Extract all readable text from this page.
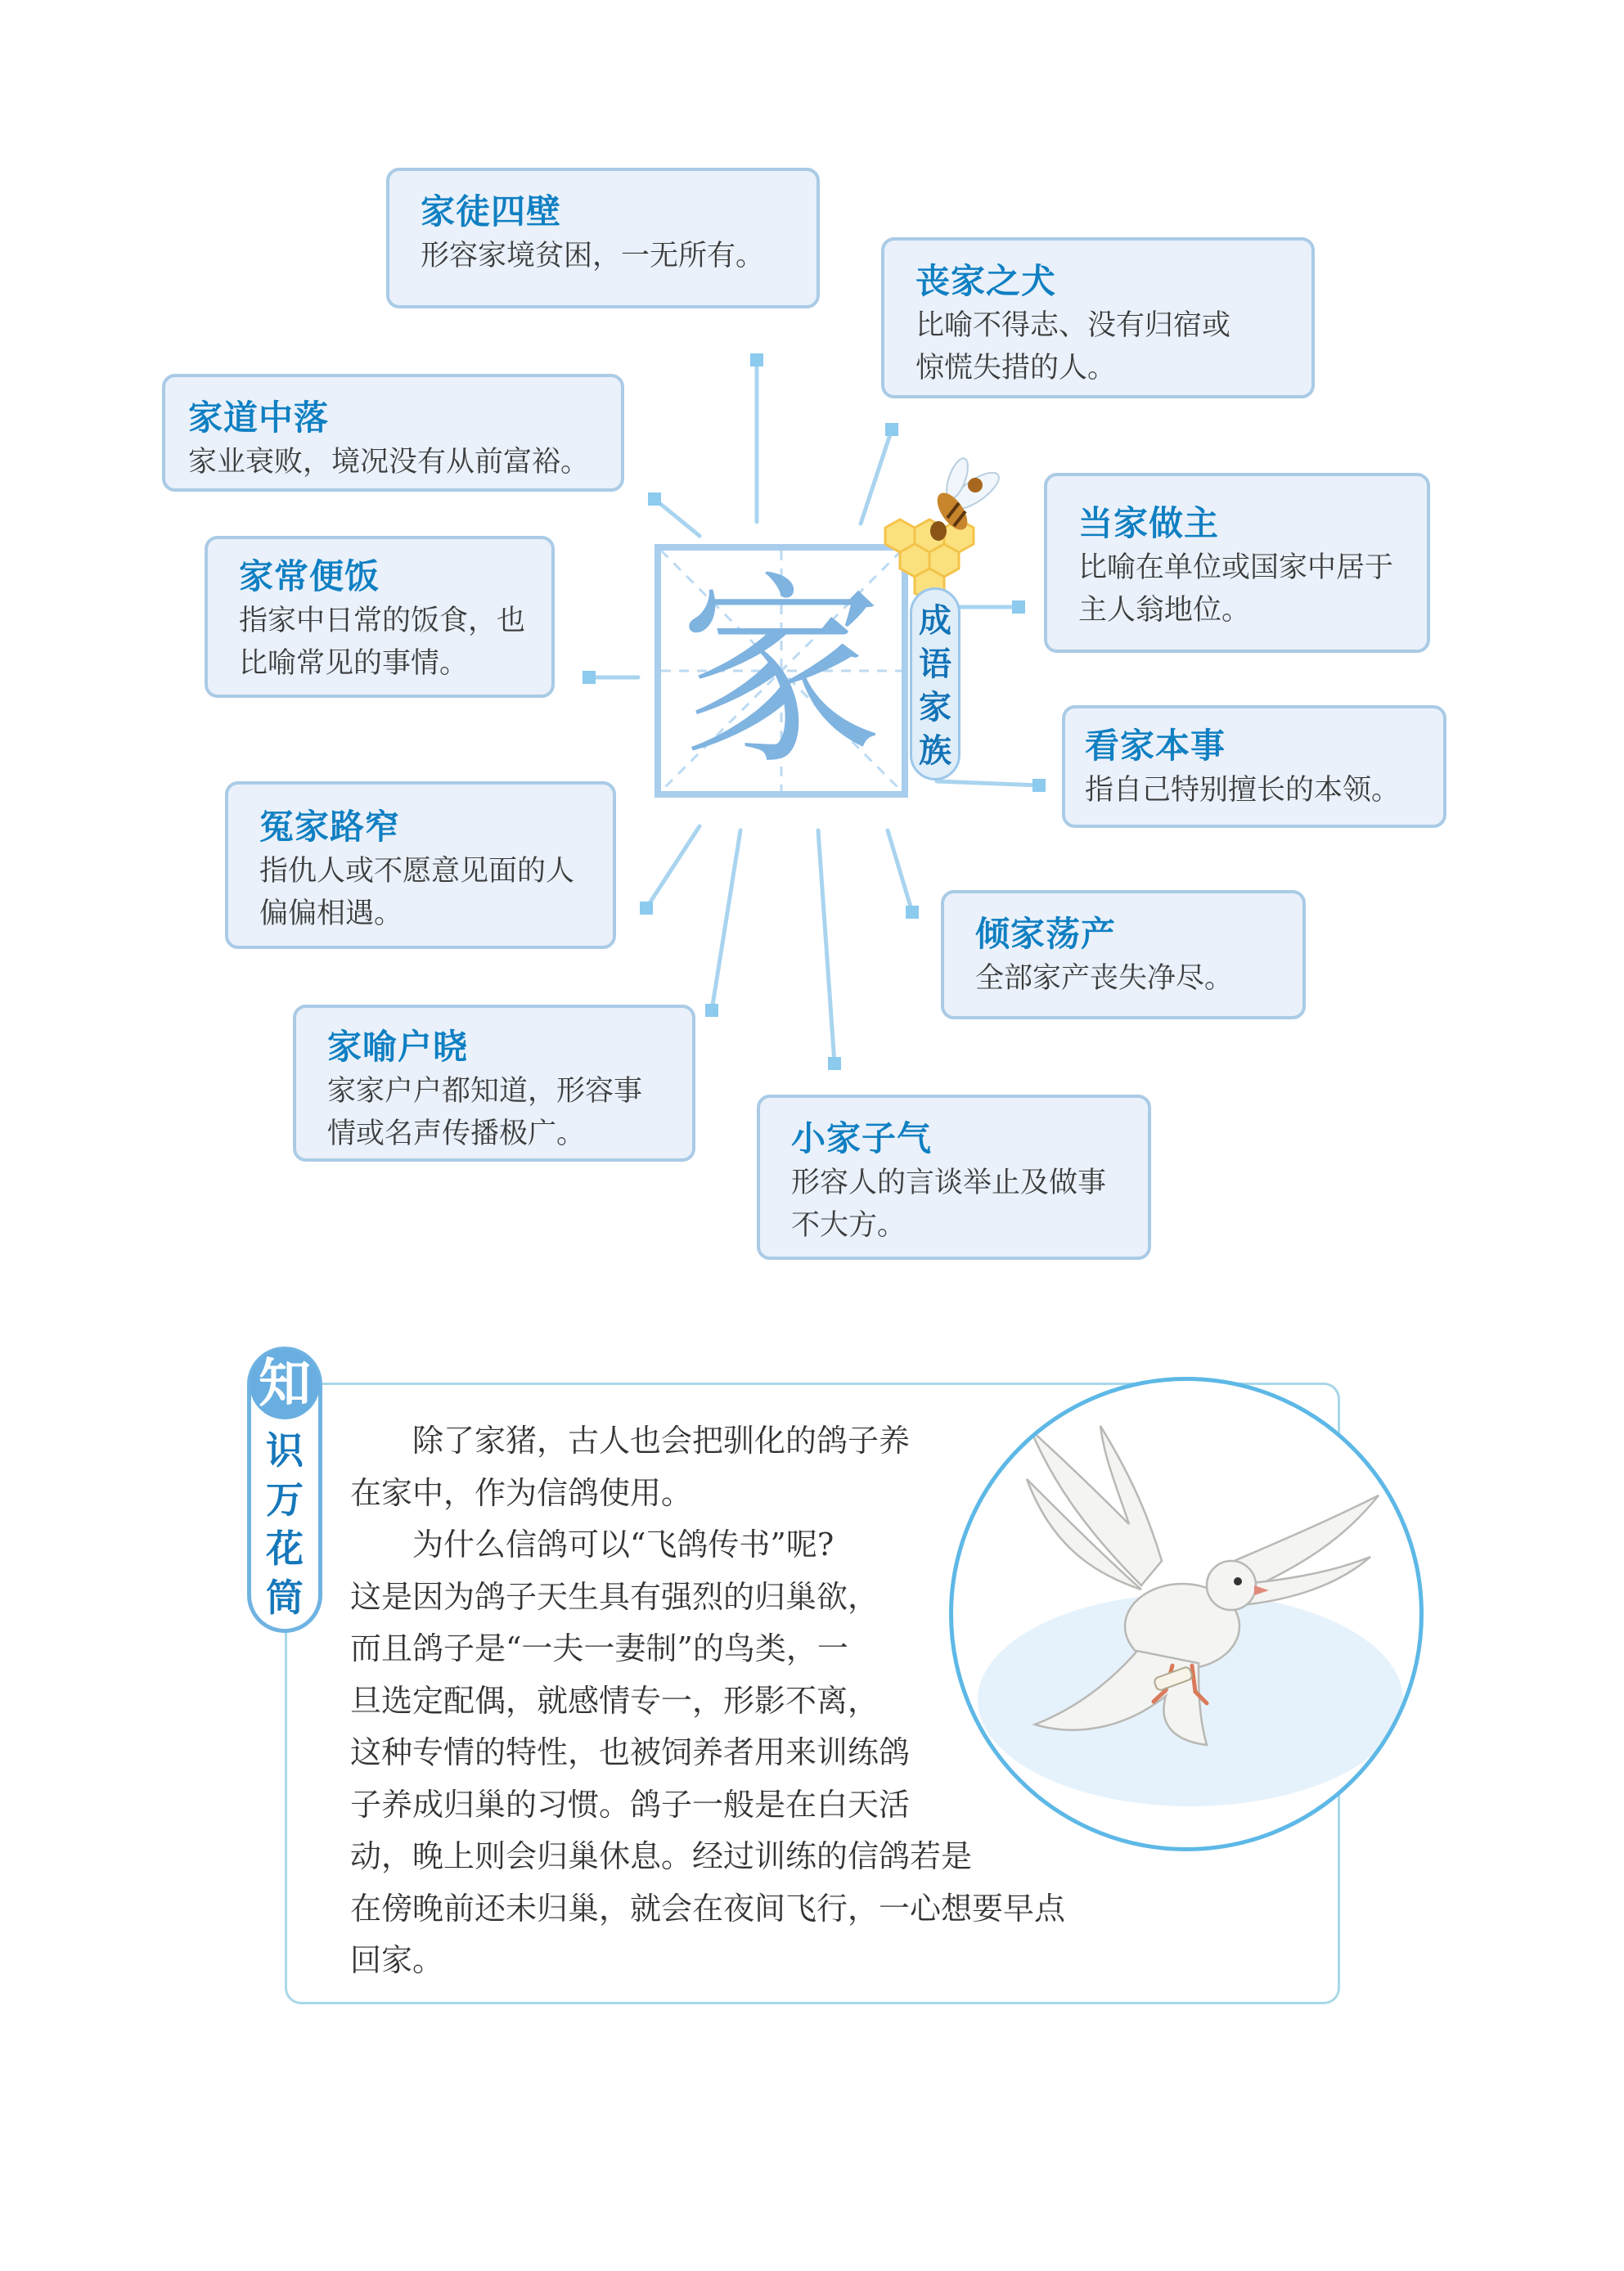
家徒四壁
形容家境贫困，一无所有。
丧家之犬
比喻不得志、没有归宿或
惊慌失措的人。
家道中落
家业衰败，境况没有从前富裕。
当家做主
比喻在单位或国家中居于
主人翁地位。
家常便饭
指家中日常的饭食，也
比喻常见的事情。
看家本事
指自己特别擅长的本领。
冤家路窄
指仇人或不愿意见面的人
偏偏相遇。	倾家荡产
全部家产丧失净尽。
家喻户晓
家家户户都知道，形容事
情或名声传播极广。	小家子气
形容人的言谈举止及做事
不大方。
家	成语家族
知
识万花筒
　　除了家猪，古人也会把驯化的鸽子养
在家中，作为信鸽使用。
　　为什么信鸽可以“飞鸽传书”呢?
这是因为鸽子天生具有强烈的归巢欲，
而且鸽子是“一夫一妻制”的鸟类，一
旦选定配偶，就感情专一，形影不离，
这种专情的特性，也被饲养者用来训练鸽
子养成归巢的习惯。鸽子一般是在白天活
动，晚上则会归巢休息。经过训练的信鸽若是
在傍晚前还未归巢，就会在夜间飞行，一心想要早点
回家。
